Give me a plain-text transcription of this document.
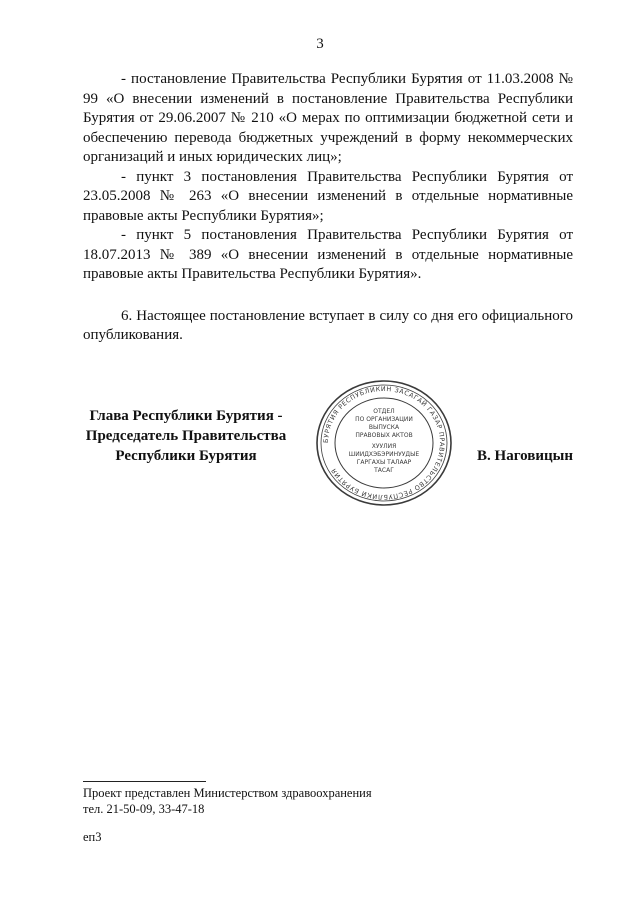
3

- постановление Правительства Республики Бурятия от 11.03.2008 № 99 «О внесении изменений в постановление Правительства Республики Бурятия от 29.06.2007 № 210 «О мерах по оптимизации бюджетной сети и обеспечению перевода бюджетных учреждений в форму некоммерческих организаций и иных юридических лиц»;

- пункт 3 постановления Правительства Республики Бурятия от 23.05.2008 № 263 «О внесении изменений в отдельные нормативные правовые акты Республики Бурятия»;

- пункт 5 постановления Правительства Республики Бурятия от 18.07.2013 № 389 «О внесении изменений в отдельные нормативные правовые акты Правительства Республики Бурятия».

6. Настоящее постановление вступает в силу со дня его официального опубликования.

Глава Республики Бурятия -
Председатель Правительства
Республики Бурятия
БУРЯТИЯ РЕСПУБЛИКИН ЗАСАГАЙ ГАЗАР ПРАВИТЕЛЬСТВО РЕСПУБЛИКИ БУРЯТИЯ
ОТДЕЛ
ПО ОРГАНИЗАЦИИ
ВЫПУСКА
ПРАВОВЫХ АКТОВ
ХУУЛИЯ
ШИИДХЭБЭРИНУУДЫЕ
ГАРГАХЫ ТАЛААР
ТАСАГ
В. Наговицын
Проект представлен Министерством здравоохранения
тел. 21-50-09, 33-47-18
еп3
